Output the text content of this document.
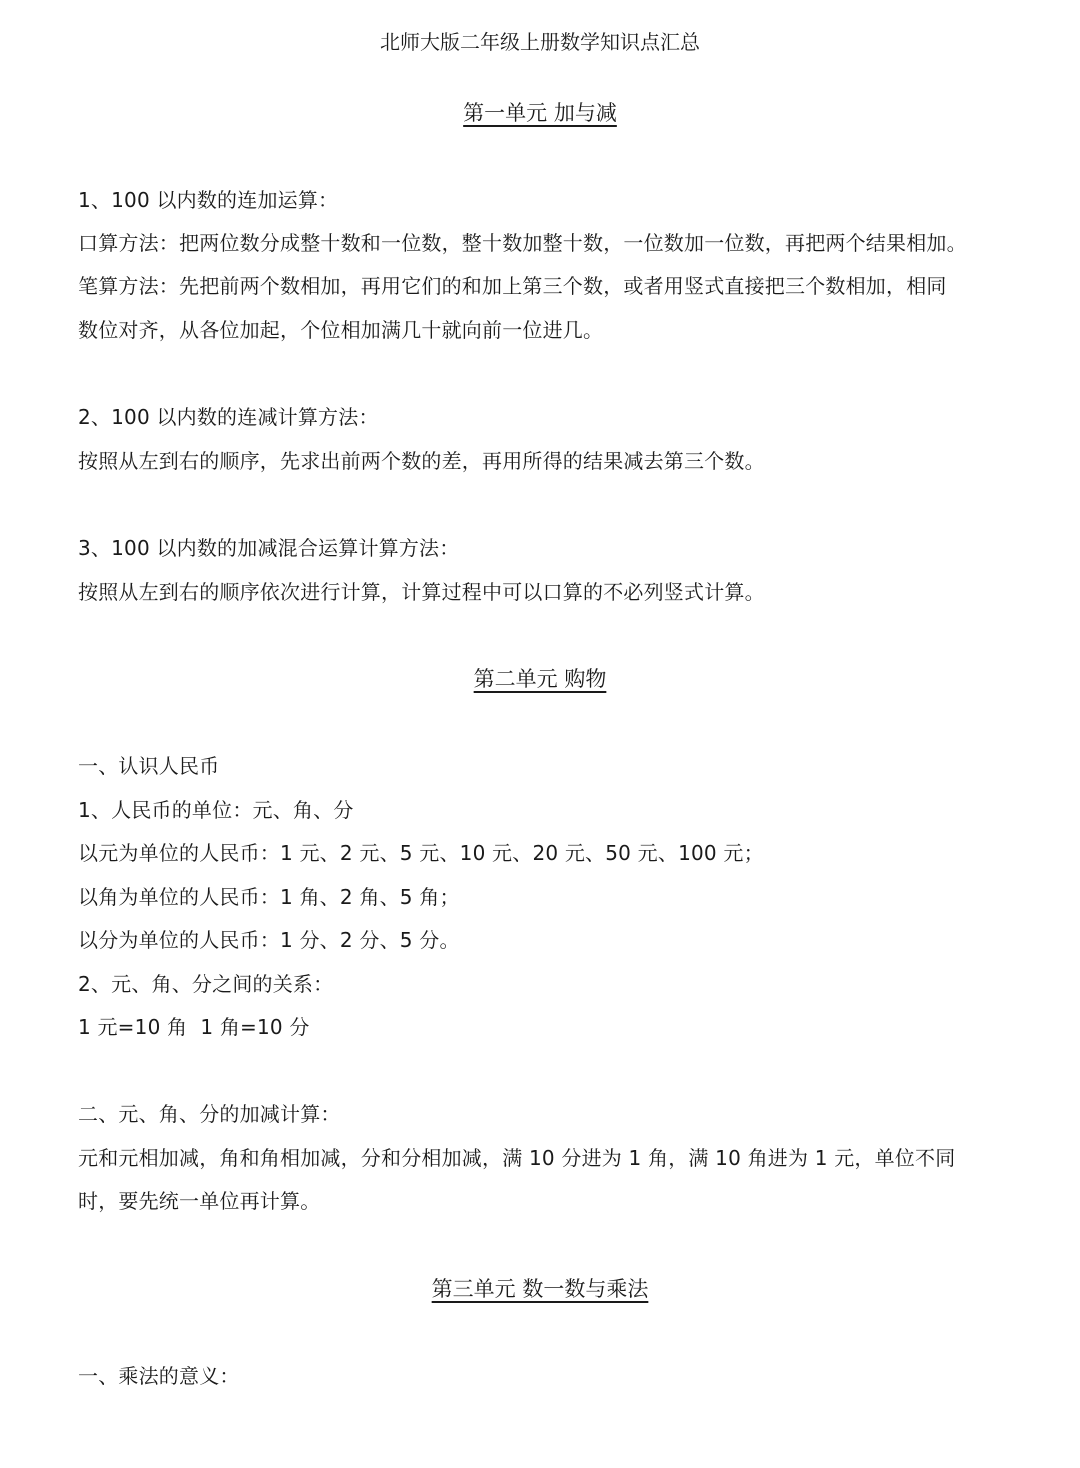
北师大版二年级上册数学知识点汇总
第一单元 加与减
1、100 以内数的连加运算：
口算方法：把两位数分成整十数和一位数，整十数加整十数，一位数加一位数，再把两个结果相加。
笔算方法：先把前两个数相加，再用它们的和加上第三个数，或者用竖式直接把三个数相加，相同
数位对齐，从各位加起，个位相加满几十就向前一位进几。
2、100 以内数的连减计算方法：
按照从左到右的顺序，先求出前两个数的差，再用所得的结果减去第三个数。
3、100 以内数的加减混合运算计算方法：
按照从左到右的顺序依次进行计算，计算过程中可以口算的不必列竖式计算。
第二单元 购物
一、认识人民币
1、人民币的单位：元、角、分
以元为单位的人民币：1 元、2 元、5 元、10 元、20 元、50 元、100 元；
以角为单位的人民币：1 角、2 角、5 角；
以分为单位的人民币：1 分、2 分、5 分。
2、元、角、分之间的关系：
1 元=10 角  1 角=10 分
二、元、角、分的加减计算：
元和元相加减，角和角相加减，分和分相加减，满 10 分进为 1 角，满 10 角进为 1 元，单位不同
时，要先统一单位再计算。
第三单元 数一数与乘法
一、乘法的意义：
